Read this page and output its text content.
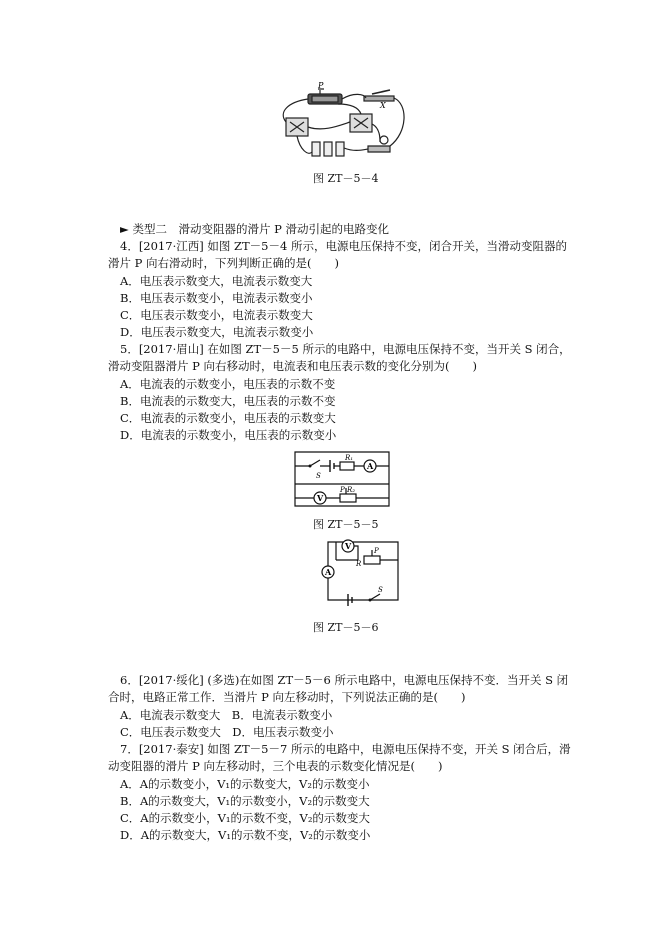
P
X
图 ZT－5－4
► 类型二　滑动变阻器的滑片 P 滑动引起的电路变化
4．[2017·江西] 如图 ZT－5－4 所示，电源电压保持不变，闭合开关，当滑动变阻器的
滑片 P 向右滑动时，下列判断正确的是(　　)
A．电压表示数变大，电流表示数变大
B．电压表示数变小，电流表示数变小
C．电压表示数变小，电流表示数变大
D．电压表示数变大，电流表示数变小
5．[2017·眉山] 在如图 ZT－5－5 所示的电路中，电源电压保持不变，当开关 S 闭合，
滑动变阻器滑片 P 向右移动时，电流表和电压表示数的变化分别为(　　)
A．电流表的示数变小，电压表的示数不变
B．电流表的示数变大，电压表的示数不变
C．电流表的示数变小，电压表的示数变大
D．电流表的示数变小，电压表的示数变小
S
R₁
A
V
P R₂
图 ZT－5－5
V
A
P
R
S
图 ZT－5－6
6．[2017·绥化] (多选)在如图 ZT－5－6 所示电路中，电源电压保持不变．当开关 S 闭
合时，电路正常工作．当滑片 P 向左移动时，下列说法正确的是(　　)
A．电流表示数变大　B．电流表示数变小
C．电压表示数变大　D．电压表示数变小
7．[2017·泰安] 如图 ZT－5－7 所示的电路中，电源电压保持不变，开关 S 闭合后，滑
动变阻器的滑片 P 向左移动时，三个电表的示数变化情况是(　　)
A．A的示数变小，V₁的示数变大，V₂的示数变小
B．A的示数变大，V₁的示数变小，V₂的示数变大
C．A的示数变小，V₁的示数不变，V₂的示数变大
D．A的示数变大，V₁的示数不变，V₂的示数变小
